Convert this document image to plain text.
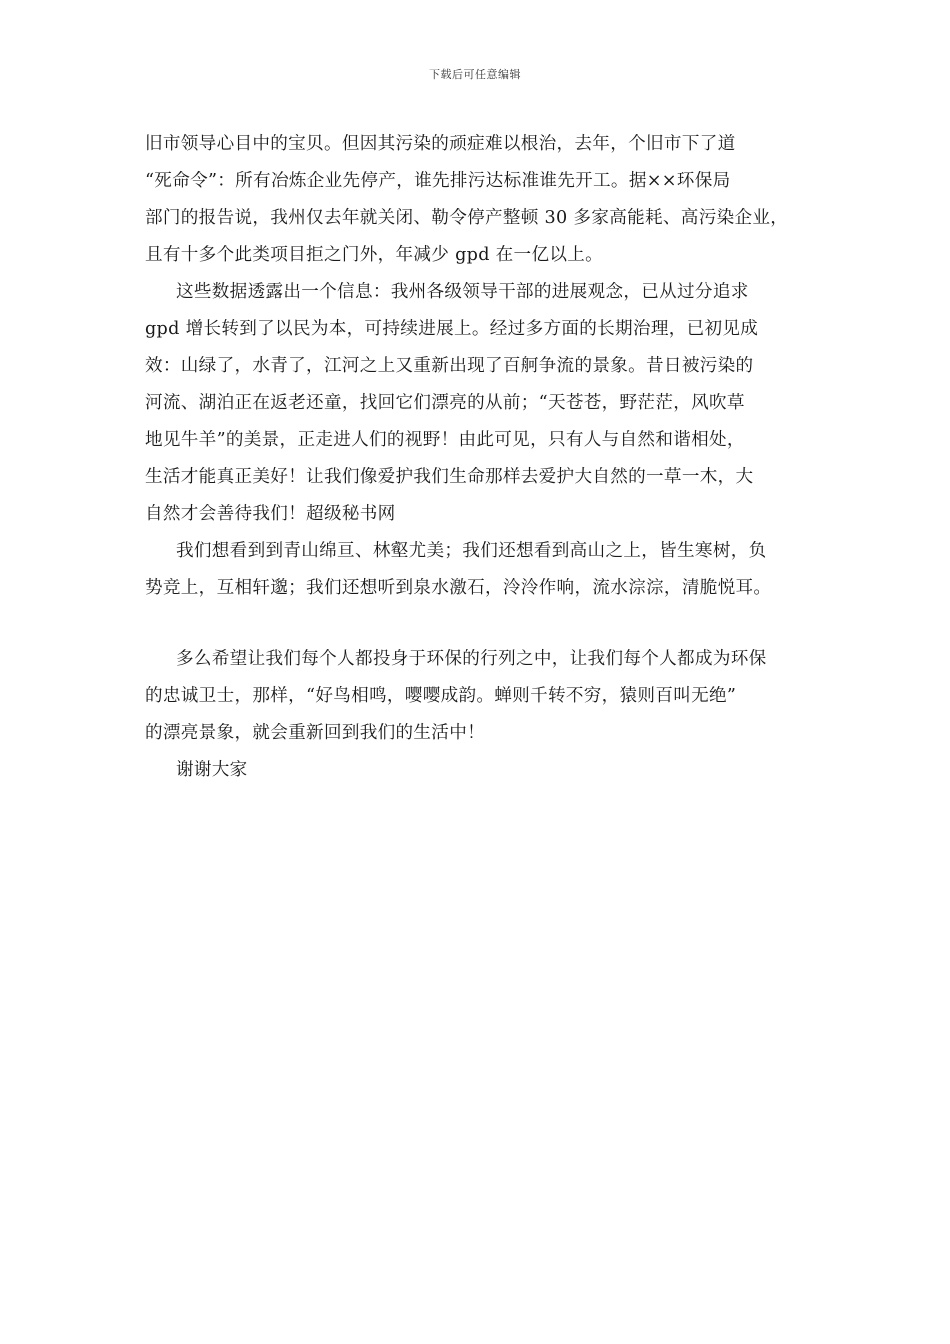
下载后可任意编辑
旧市领导心目中的宝贝。但因其污染的顽症难以根治，去年，个旧市下了道
“死命令”：所有冶炼企业先停产，谁先排污达标准谁先开工。据××环保局
部门的报告说，我州仅去年就关闭、勒令停产整顿 30 多家高能耗、高污染企业，
且有十多个此类项目拒之门外，年减少 gpd 在一亿以上。
这些数据透露出一个信息：我州各级领导干部的进展观念，已从过分追求
gpd 增长转到了以民为本，可持续进展上。经过多方面的长期治理，已初见成
效：山绿了，水青了，江河之上又重新出现了百舸争流的景象。昔日被污染的
河流、湖泊正在返老还童，找回它们漂亮的从前；“天苍苍，野茫茫，风吹草
地见牛羊”的美景，正走进人们的视野！由此可见，只有人与自然和谐相处，
生活才能真正美好！让我们像爱护我们生命那样去爱护大自然的一草一木，大
自然才会善待我们！超级秘书网
我们想看到到青山绵亘、林壑尤美；我们还想看到高山之上，皆生寒树，负
势竞上，互相轩邈；我们还想听到泉水激石，泠泠作响，流水淙淙，清脆悦耳。
多么希望让我们每个人都投身于环保的行列之中，让我们每个人都成为环保
的忠诚卫士，那样，“好鸟相鸣，嘤嘤成韵。蝉则千转不穷，猿则百叫无绝”
的漂亮景象，就会重新回到我们的生活中！
谢谢大家
